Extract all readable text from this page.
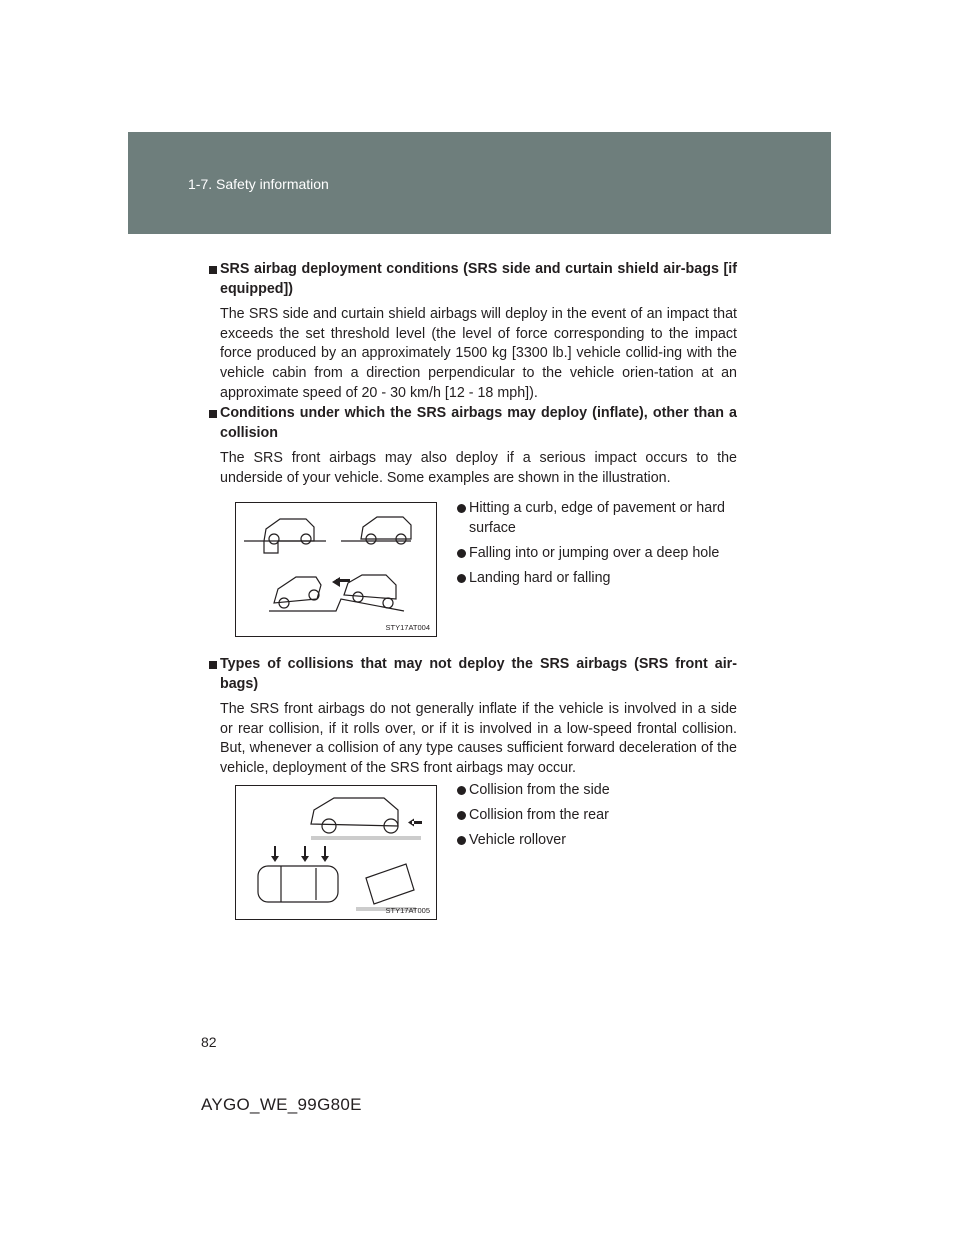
1-7. Safety information
SRS airbag deployment conditions (SRS side and curtain shield air-bags [if equipped])
The SRS side and curtain shield airbags will deploy in the event of an impact that exceeds the set threshold level (the level of force corresponding to the impact force produced by an approximately 1500 kg [3300 lb.] vehicle collid-ing with the vehicle cabin from a direction perpendicular to the vehicle orien-tation at an approximate speed of 20 - 30 km/h [12 - 18 mph]).
Conditions under which the SRS airbags may deploy (inflate), other than a collision
The SRS front airbags may also deploy if a serious impact occurs to the underside of your vehicle. Some examples are shown in the illustration.
STY17AT004
Hitting a curb, edge of pavement or hard surface
Falling into or jumping over a deep hole
Landing hard or falling
Types of collisions that may not deploy the SRS airbags (SRS front air-bags)
The SRS front airbags do not generally inflate if the vehicle is involved in a side or rear collision, if it rolls over, or if it is involved in a low-speed frontal collision. But, whenever a collision of any type causes sufficient forward deceleration of the vehicle, deployment of the SRS front airbags may occur.
STY17AT005
Collision from the side
Collision from the rear
Vehicle rollover
82
AYGO_WE_99G80E
